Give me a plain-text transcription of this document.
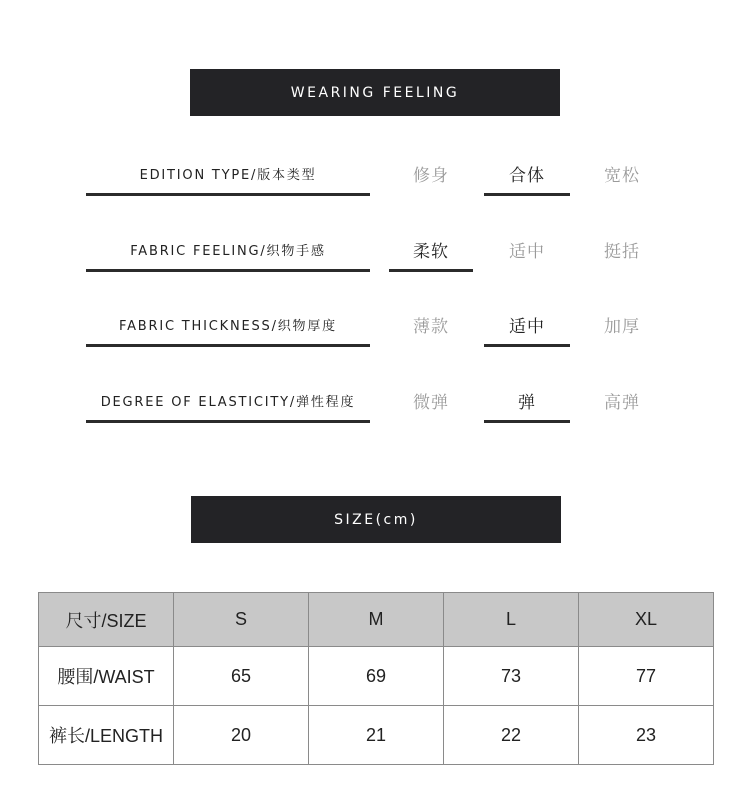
WEARING FEELING
EDITION TYPE/版本类型	修身	合体	宽松
FABRIC FEELING/织物手感	柔软	适中	挺括
FABRIC THICKNESS/织物厚度	薄款	适中	加厚
DEGREE OF ELASTICITY/弹性程度	微弹	弹	高弹
SIZE(cm)
尺寸/SIZE	S	M	L	XL
腰围/WAIST	65	69	73	77
裤长/LENGTH	20	21	22	23
